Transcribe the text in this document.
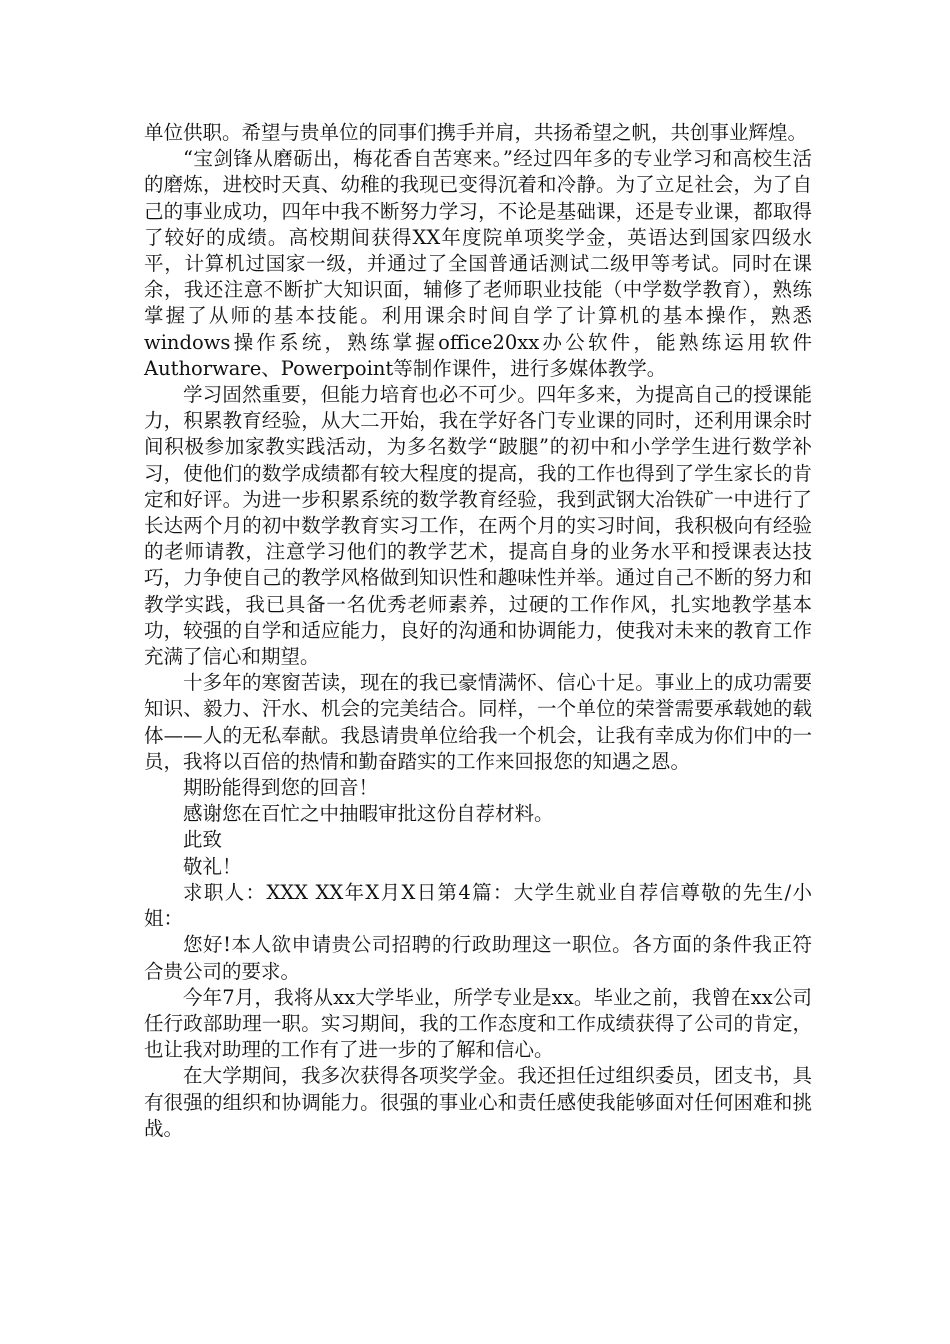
单位供职。希望与贵单位的同事们携手并肩，共扬希望之帆，共创事业辉煌。

“宝剑锋从磨砺出，梅花香自苦寒来。”经过四年多的专业学习和高校生活的磨炼，进校时天真、幼稚的我现已变得沉着和冷静。为了立足社会，为了自己的事业成功，四年中我不断努力学习，不论是基础课，还是专业课，都取得了较好的成绩。高校期间获得XX年度院单项奖学金，英语达到国家四级水平，计算机过国家一级，并通过了全国普通话测试二级甲等考试。同时在课余，我还注意不断扩大知识面，辅修了老师职业技能（中学数学教育），熟练掌握了从师的基本技能。利用课余时间自学了计算机的基本操作，熟悉windows操作系统，熟练掌握office20xx办公软件，能熟练运用软件Authorware、Powerpoint等制作课件，进行多媒体教学。

学习固然重要，但能力培育也必不可少。四年多来，为提高自己的授课能力，积累教育经验，从大二开始，我在学好各门专业课的同时，还利用课余时间积极参加家教实践活动，为多名数学“跛腿”的初中和小学学生进行数学补习，使他们的数学成绩都有较大程度的提高，我的工作也得到了学生家长的肯定和好评。为进一步积累系统的数学教育经验，我到武钢大冶铁矿一中进行了长达两个月的初中数学教育实习工作，在两个月的实习时间，我积极向有经验的老师请教，注意学习他们的教学艺术，提高自身的业务水平和授课表达技巧，力争使自己的教学风格做到知识性和趣味性并举。通过自己不断的努力和教学实践，我已具备一名优秀老师素养，过硬的工作作风，扎实地教学基本功，较强的自学和适应能力，良好的沟通和协调能力，使我对未来的教育工作充满了信心和期望。

十多年的寒窗苦读，现在的我已豪情满怀、信心十足。事业上的成功需要知识、毅力、汗水、机会的完美结合。同样，一个单位的荣誉需要承载她的载体——人的无私奉献。我恳请贵单位给我一个机会，让我有幸成为你们中的一员，我将以百倍的热情和勤奋踏实的工作来回报您的知遇之恩。

期盼能得到您的回音！

感谢您在百忙之中抽暇审批这份自荐材料。

此致

敬礼！

求职人：XXX XX年X月X日第4篇：大学生就业自荐信尊敬的先生/小姐：

您好!本人欲申请贵公司招聘的行政助理这一职位。各方面的条件我正符合贵公司的要求。

今年7月，我将从xx大学毕业，所学专业是xx。毕业之前，我曾在xx公司任行政部助理一职。实习期间，我的工作态度和工作成绩获得了公司的肯定，也让我对助理的工作有了进一步的了解和信心。

在大学期间，我多次获得各项奖学金。我还担任过组织委员，团支书，具有很强的组织和协调能力。很强的事业心和责任感使我能够面对任何困难和挑战。
